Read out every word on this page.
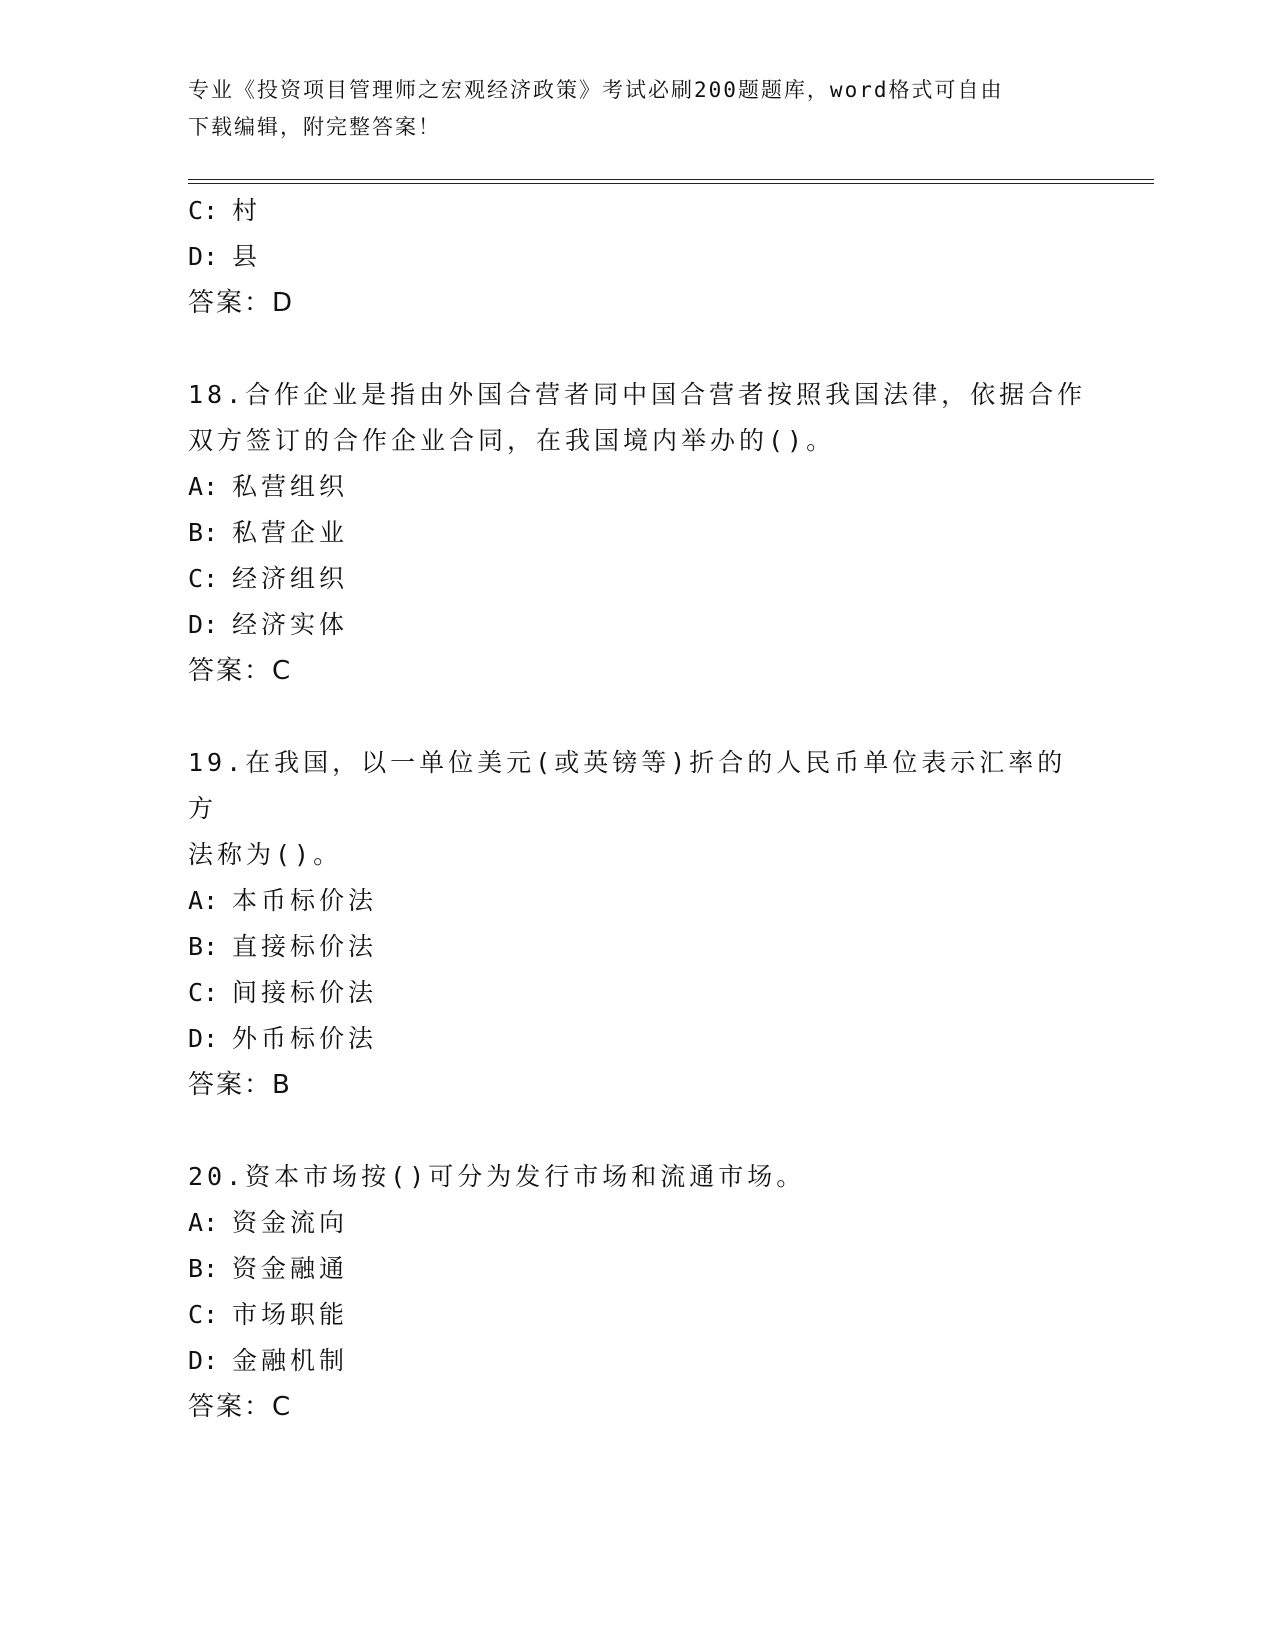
专业《投资项目管理师之宏观经济政策》考试必刷200题题库，word格式可自由
下载编辑，附完整答案！
C: 村
D: 县
答案：D
18.合作企业是指由外国合营者同中国合营者按照我国法律，依据合作
双方签订的合作企业合同，在我国境内举办的()。
A: 私营组织
B: 私营企业
C: 经济组织
D: 经济实体
答案：C
19.在我国，以一单位美元(或英镑等)折合的人民币单位表示汇率的方
法称为()。
A: 本币标价法
B: 直接标价法
C: 间接标价法
D: 外币标价法
答案：B
20.资本市场按()可分为发行市场和流通市场。
A: 资金流向
B: 资金融通
C: 市场职能
D: 金融机制
答案：C
